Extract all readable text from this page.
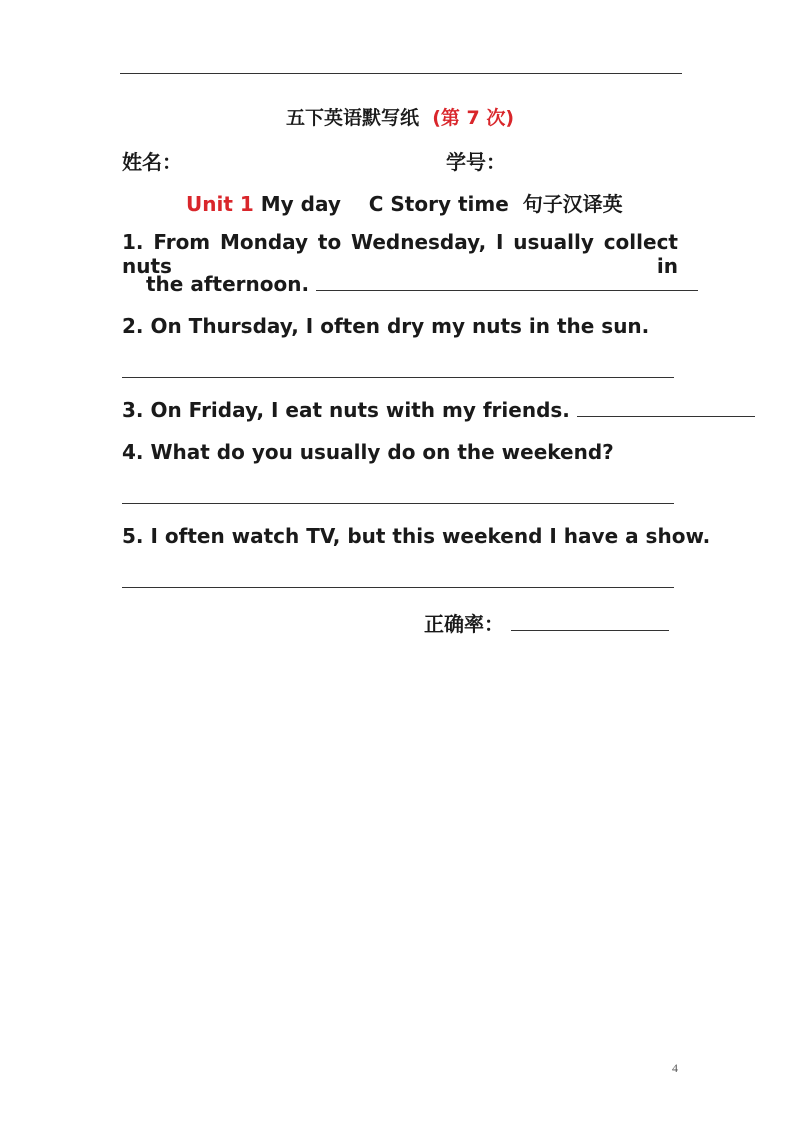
五下英语默写纸 (第 7 次)
姓名：	学号：
Unit 1 My day    C Story time  句子汉译英
1. From Monday to Wednesday, I usually collect nuts in
the afternoon.
2. On Thursday, I often dry my nuts in the sun.
3. On Friday, I eat nuts with my friends.
4. What do you usually do on the weekend?
5. I often watch TV, but this weekend I have a show.
正确率：
4
